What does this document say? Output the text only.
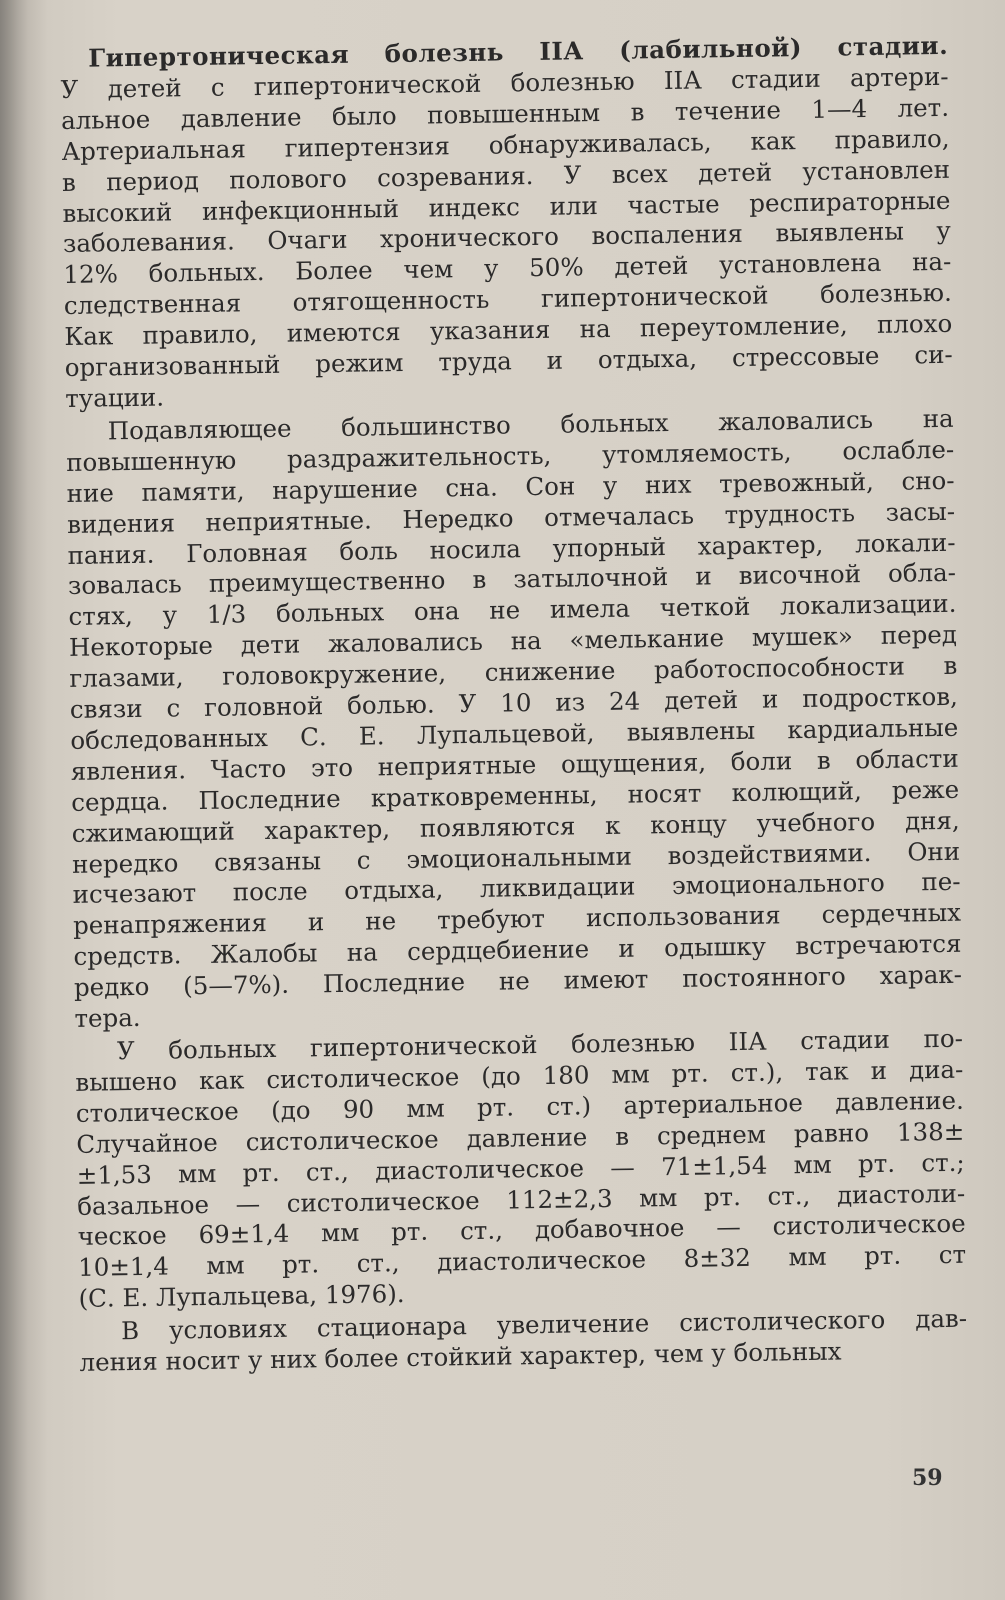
Гипертоническая болезнь IIА (лабильной) стадии.

У детей с гипертонической болезнью IIА стадии артери-
альное давление было повышенным в течение 1—4 лет.
Артериальная гипертензия обнаруживалась, как правило,
в период полового созревания. У всех детей установлен
высокий инфекционный индекс или частые респираторные
заболевания. Очаги хронического воспаления выявлены у
12% больных. Более чем у 50% детей установлена на-
следственная отягощенность гипертонической болезнью.
Как правило, имеются указания на переутомление, плохо
организованный режим труда и отдыха, стрессовые си-
туации.

Подавляющее большинство больных жаловались на
повышенную раздражительность, утомляемость, ослабле-
ние памяти, нарушение сна. Сон у них тревожный, сно-
видения неприятные. Нередко отмечалась трудность засы-
пания. Головная боль носила упорный характер, локали-
зовалась преимущественно в затылочной и височной обла-
стях, у 1/3 больных она не имела четкой локализации.
Некоторые дети жаловались на «мелькание мушек» перед
глазами, головокружение, снижение работоспособности в
связи с головной болью. У 10 из 24 детей и подростков,
обследованных С. Е. Лупальцевой, выявлены кардиальные
явления. Часто это неприятные ощущения, боли в области
сердца. Последние кратковременны, носят колющий, реже
сжимающий характер, появляются к концу учебного дня,
нередко связаны с эмоциональными воздействиями. Они
исчезают после отдыха, ликвидации эмоционального пе-
ренапряжения и не требуют использования сердечных
средств. Жалобы на сердцебиение и одышку встречаются
редко (5—7%). Последние не имеют постоянного харак-
тера.

У больных гипертонической болезнью IIА стадии по-
вышено как систолическое (до 180 мм рт. ст.), так и диа-
столическое (до 90 мм рт. ст.) артериальное давление.
Случайное систолическое давление в среднем равно 138±
±1,53 мм рт. ст., диастолическое — 71±1,54 мм рт. ст.;
базальное — систолическое 112±2,3 мм рт. ст., диастоли-
ческое 69±1,4 мм рт. ст., добавочное — систолическое
10±1,4 мм рт. ст., диастолическое 8±32 мм рт. ст
(С. Е. Лупальцева, 1976).

В условиях стационара увеличение систолического дав-
ления носит у них более стойкий характер, чем у больных

59
